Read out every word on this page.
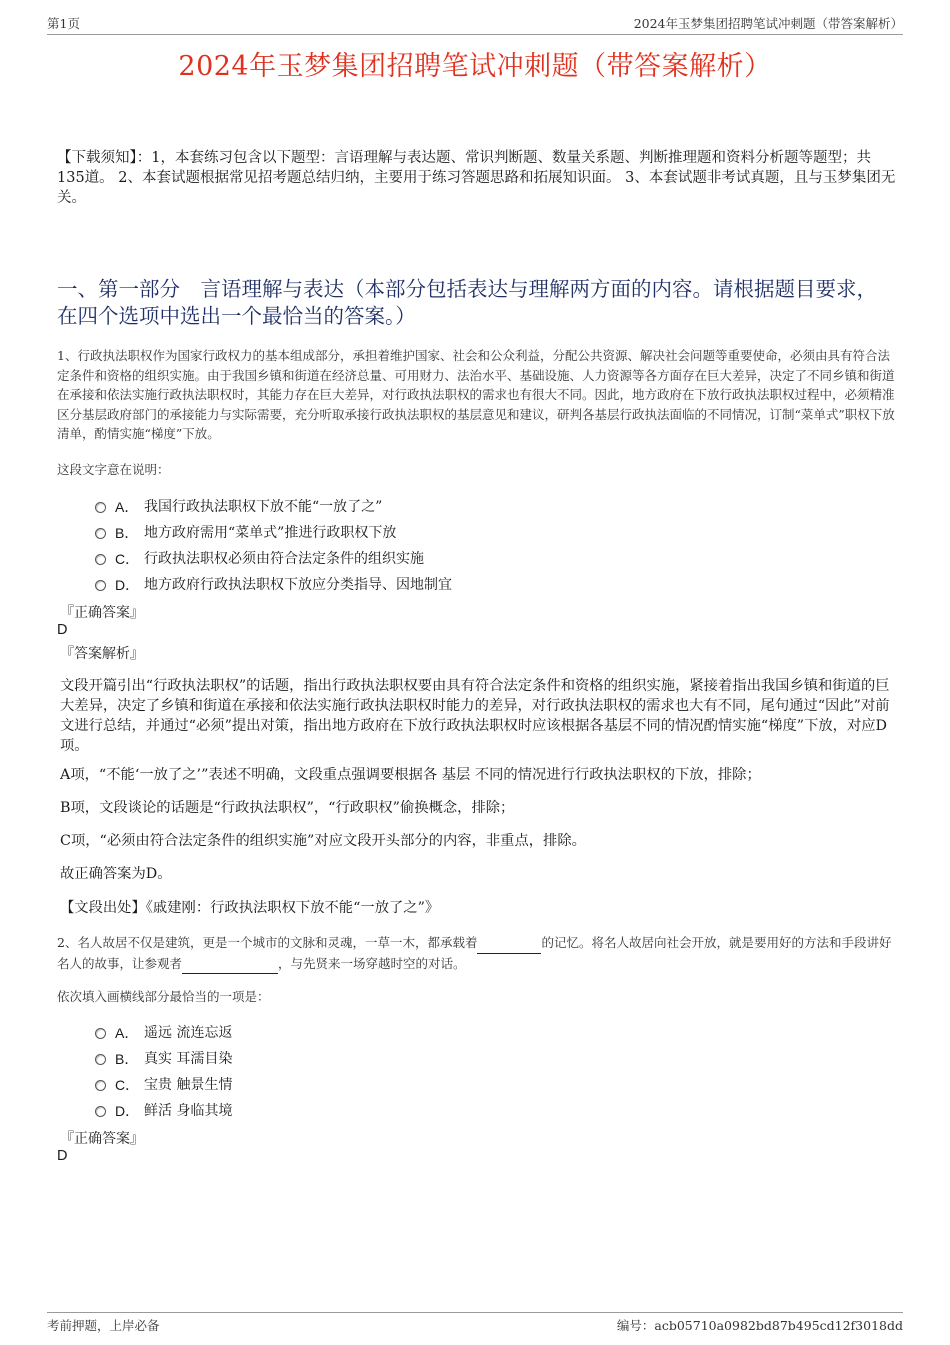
第1页	2024年玉梦集团招聘笔试冲刺题（带答案解析）
2024年玉梦集团招聘笔试冲刺题（带答案解析）
【下载须知】：1，本套练习包含以下题型：言语理解与表达题、常识判断题、数量关系题、判断推理题和资料分析题等题型；共135道。 2、本套试题根据常见招考题总结归纳，主要用于练习答题思路和拓展知识面。 3、本套试题非考试真题，且与玉梦集团无关。
一、第一部分　言语理解与表达（本部分包括表达与理解两方面的内容。请根据题目要求，在四个选项中选出一个最恰当的答案。）
1、行政执法职权作为国家行政权力的基本组成部分，承担着维护国家、社会和公众利益，分配公共资源、解决社会问题等重要使命，必须由具有符合法定条件和资格的组织实施。由于我国乡镇和街道在经济总量、可用财力、法治水平、基础设施、人力资源等各方面存在巨大差异，决定了不同乡镇和街道在承接和依法实施行政执法职权时，其能力存在巨大差异，对行政执法职权的需求也有很大不同。因此，地方政府在下放行政执法职权过程中，必须精准区分基层政府部门的承接能力与实际需要，充分听取承接行政执法职权的基层意见和建议，研判各基层行政执法面临的不同情况，订制“菜单式”职权下放清单，酌情实施“梯度”下放。
这段文字意在说明：
A． 我国行政执法职权下放不能“一放了之”
B． 地方政府需用“菜单式”推进行政职权下放
C． 行政执法职权必须由符合法定条件的组织实施
D． 地方政府行政执法职权下放应分类指导、因地制宜
『正确答案』
D
『答案解析』
文段开篇引出“行政执法职权”的话题，指出行政执法职权要由具有符合法定条件和资格的组织实施，紧接着指出我国乡镇和街道的巨大差异，决定了乡镇和街道在承接和依法实施行政执法职权时能力的差异，对行政执法职权的需求也大有不同，尾句通过“因此”对前文进行总结，并通过“必须”提出对策，指出地方政府在下放行政执法职权时应该根据各基层不同的情况酌情实施“梯度”下放，对应D项。
A项，“不能‘一放了之’”表述不明确，文段重点强调要根据各 基层 不同的情况进行行政执法职权的下放，排除；
B项，文段谈论的话题是“行政执法职权”，“行政职权”偷换概念，排除；
C项，“必须由符合法定条件的组织实施”对应文段开头部分的内容，非重点，排除。
故正确答案为D。
【文段出处】《戚建刚：行政执法职权下放不能“一放了之”》
2、名人故居不仅是建筑，更是一个城市的文脉和灵魂，一草一木，都承载着	的记忆。将名人故居向社会开放，就是要用好的方法和手段讲好名人的故事，让参观者	，与先贤来一场穿越时空的对话。
依次填入画横线部分最恰当的一项是：
A． 遥远 流连忘返
B． 真实 耳濡目染
C． 宝贵 触景生情
D． 鲜活 身临其境
『正确答案』
D
考前押题，上岸必备	编号：acb05710a0982bd87b495cd12f3018dd
